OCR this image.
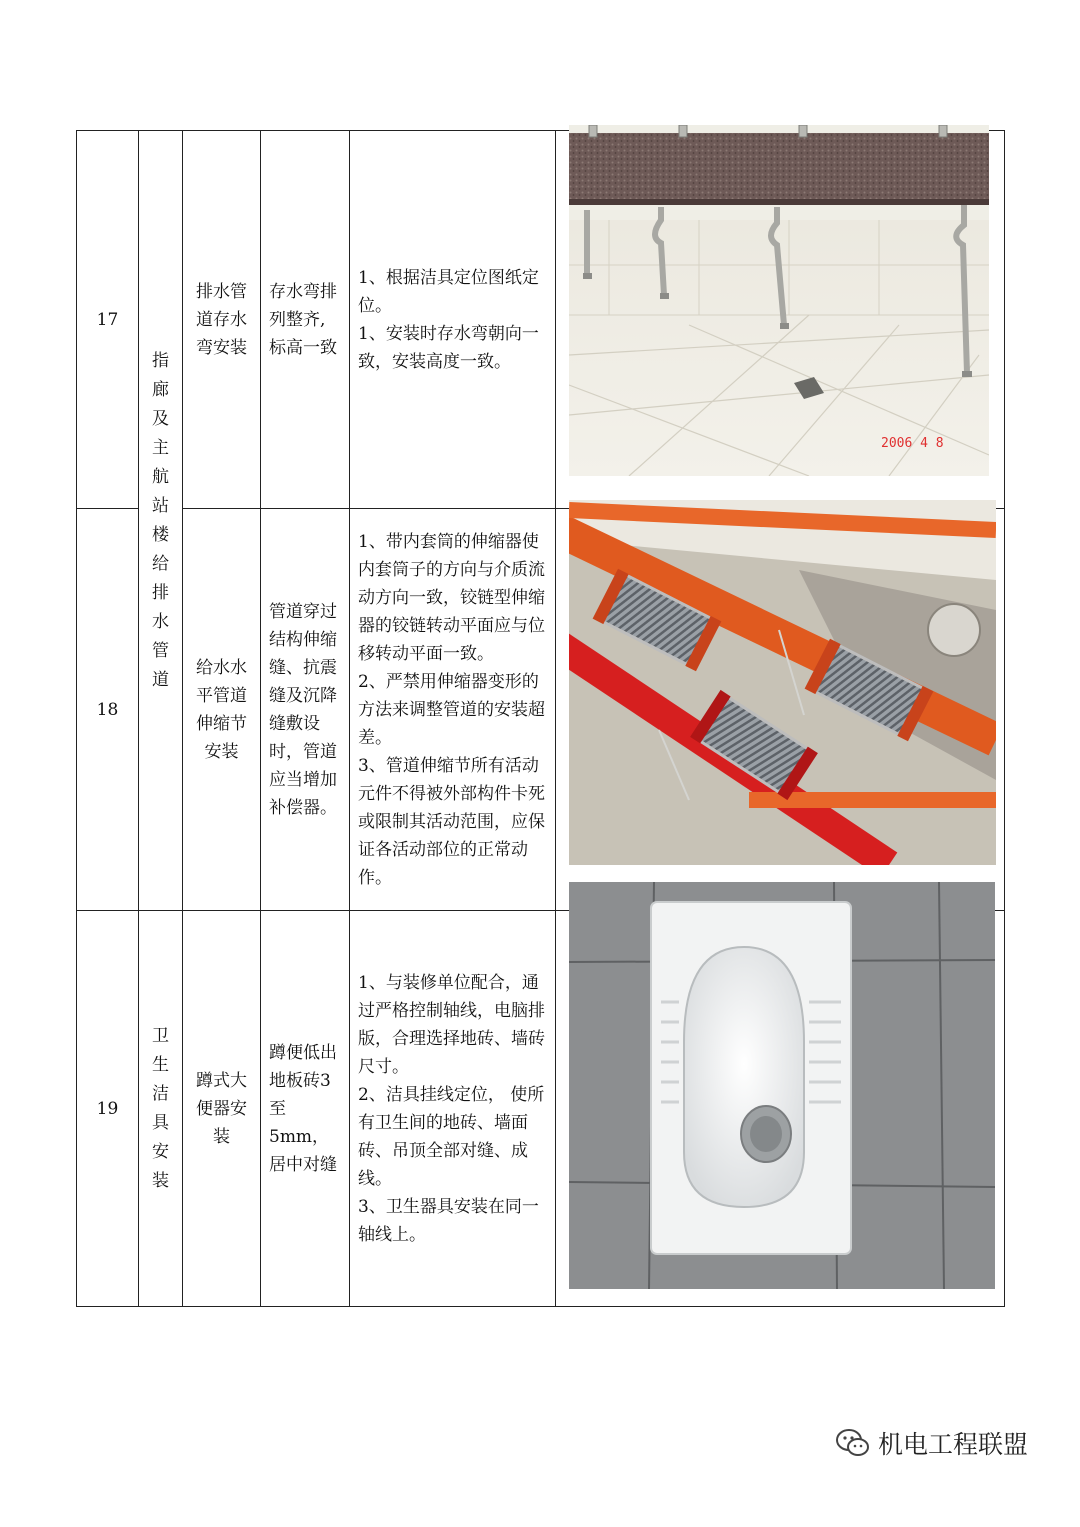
17	指廊及主航站楼给排水管道	排水管道存水弯安装	存水弯排列整齐,标高一致	1、根据洁具定位图纸定位。
1、安装时存水弯朝向一致，安装高度一致。	

18		给水水平管道伸缩节安装	管道穿过结构伸缩缝、抗震缝及沉降缝敷设时，管道应当增加补偿器。	1、带内套筒的伸缩器使内套筒子的方向与介质流动方向一致，铰链型伸缩器的铰链转动平面应与位移转动平面一致。
2、严禁用伸缩器变形的方法来调整管道的安装超差。
3、管道伸缩节所有活动元件不得被外部构件卡死或限制其活动范围，应保证各活动部位的正常动作。	

19	卫生洁具安装	蹲式大便器安装	蹲便低出地板砖3至5mm，居中对缝	1、与装修单位配合，通过严格控制轴线，电脑排版，合理选择地砖、墙砖尺寸。
2、洁具挂线定位， 使所有卫生间的地砖、墙面砖、吊顶全部对缝、成线。
3、卫生器具安装在同一轴线上。	

2006 4 8
机电工程联盟
